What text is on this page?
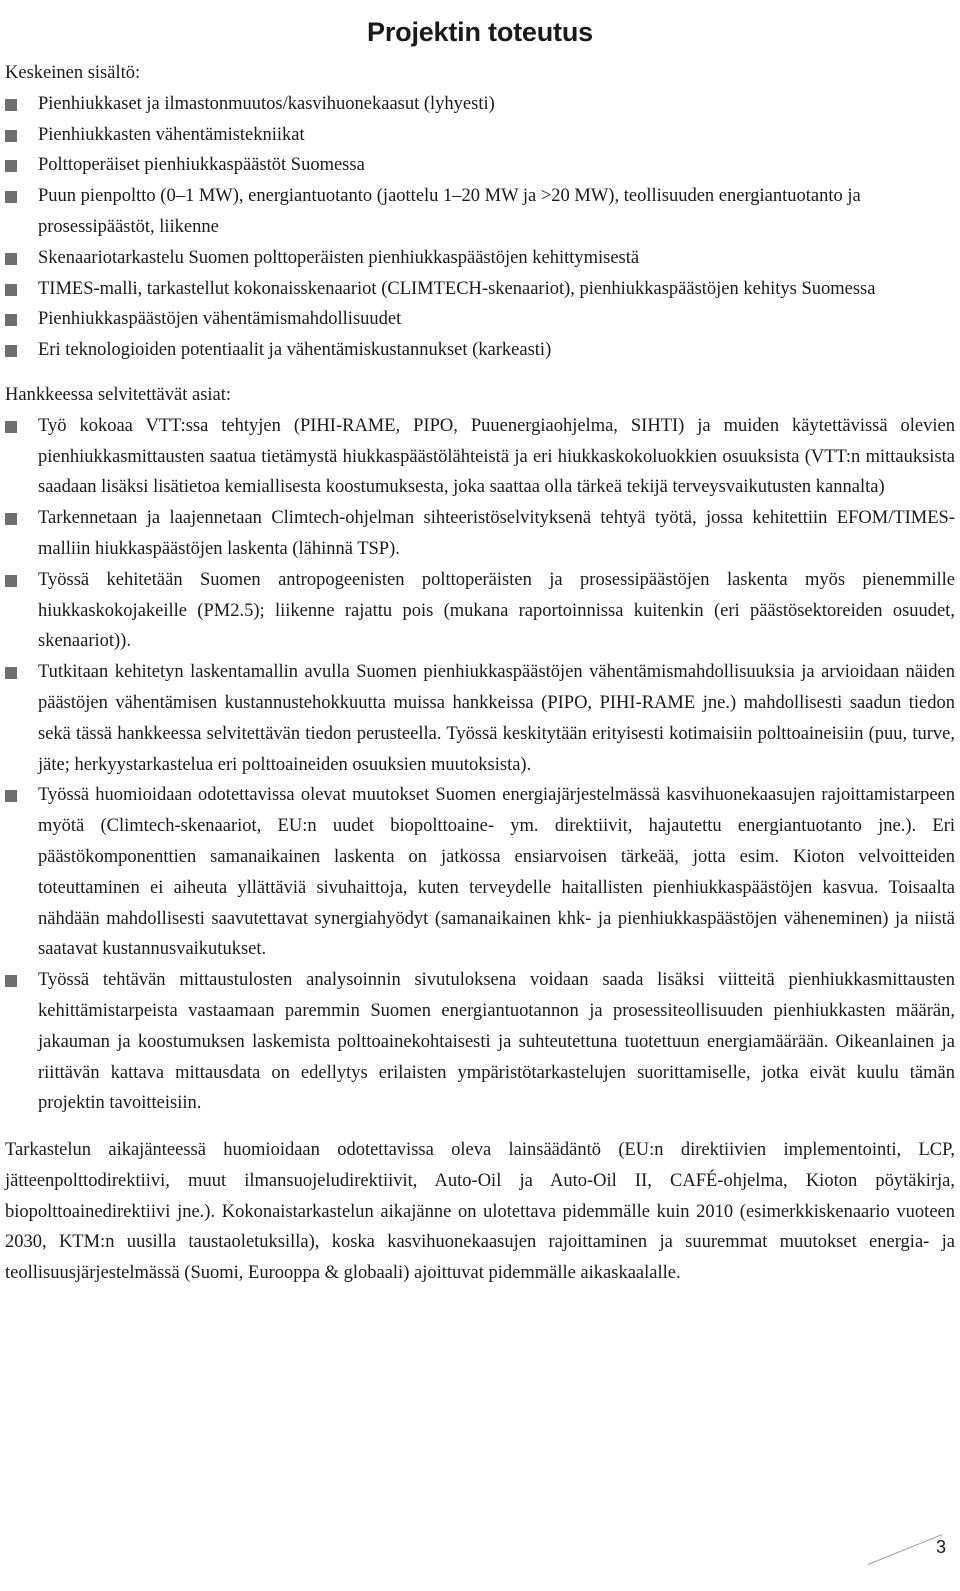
Projektin toteutus

Keskeinen sisältö:

Pienhiukkaset ja ilmastonmuutos/kasvihuonekaasut (lyhyesti)
Pienhiukkasten vähentämistekniikat
Polttoperäiset pienhiukkaspäästöt Suomessa
Puun pienpoltto (0–1 MW), energiantuotanto (jaottelu 1–20 MW ja >20 MW), teollisuuden energiantuotanto ja prosessipäästöt, liikenne
Skenaariotarkastelu Suomen polttoperäisten pienhiukkaspäästöjen kehittymisestä
TIMES-malli, tarkastellut kokonaisskenaariot (CLIMTECH-skenaariot), pienhiukkaspäästöjen kehitys Suomessa
Pienhiukkaspäästöjen vähentämismahdollisuudet
Eri teknologioiden potentiaalit ja vähentämiskustannukset (karkeasti)

Hankkeessa selvitettävät asiat:

Työ kokoaa VTT:ssa tehtyjen (PIHI-RAME, PIPO, Puuenergiaohjelma, SIHTI) ja muiden käytettävissä olevien pienhiukkasmittausten saatua tietämystä hiukkaspäästölähteistä ja eri hiukkaskokoluokkien osuuksista (VTT:n mittauksista saadaan lisäksi lisätietoa kemiallisesta koostumuksesta, joka saattaa olla tärkeä tekijä terveysvaikutusten kannalta)
Tarkennetaan ja laajennetaan Climtech-ohjelman sihteeristöselvityksenä tehtyä työtä, jossa kehitettiin EFOM/TIMES-malliin hiukkaspäästöjen laskenta (lähinnä TSP).
Työssä kehitetään Suomen antropogeenisten polttoperäisten ja prosessipäästöjen laskenta myös pienemmille hiukkaskokojakeille (PM2.5); liikenne rajattu pois (mukana raportoinnissa kuitenkin (eri päästösektoreiden osuudet, skenaariot)).
Tutkitaan kehitetyn laskentamallin avulla Suomen pienhiukkaspäästöjen vähentämismahdollisuuksia ja arvioidaan näiden päästöjen vähentämisen kustannustehokkuutta muissa hankkeissa (PIPO, PIHI-RAME jne.) mahdollisesti saadun tiedon sekä tässä hankkeessa selvitettävän tiedon perusteella. Työssä keskitytään erityisesti kotimaisiin polttoaineisiin (puu, turve, jäte; herkyystarkastelua eri polttoaineiden osuuksien muutoksista).
Työssä huomioidaan odotettavissa olevat muutokset Suomen energiajärjestelmässä kasvihuonekaasujen rajoittamistarpeen myötä (Climtech-skenaariot, EU:n uudet biopolttoaine- ym. direktiivit, hajautettu energiantuotanto jne.). Eri päästökomponenttien samanaikainen laskenta on jatkossa ensiarvoisen tärkeää, jotta esim. Kioton velvoitteiden toteuttaminen ei aiheuta yllättäviä sivuhaittoja, kuten terveydelle haitallisten pienhiukkaspäästöjen kasvua. Toisaalta nähdään mahdollisesti saavutettavat synergiahyödyt (samanaikainen khk- ja pienhiukkaspäästöjen vähenеminen) ja niistä saatavat kustannusvaikutukset.
Työssä tehtävän mittaustulosten analysoinnin sivutuloksena voidaan saada lisäksi viitteitä pienhiukkasmittausten kehittämistarpeista vastaamaan paremmin Suomen energiantuotannon ja prosessiteollisuuden pienhiukkasten määrän, jakauman ja koostumuksen laskemista polttoainekohtaisesti ja suhteutettuna tuotettuun energiamäärään. Oikeanlainen ja riittävän kattava mittausdata on edellytys erilaisten ympäristötarkastelujen suorittamiselle, jotka eivät kuulu tämän projektin tavoitteisiin.

Tarkastelun aikajänteessä huomioidaan odotettavissa oleva lainsäädäntö (EU:n direktiivien implementointi, LCP, jätteenpolttodirektiivi, muut ilmansuojeludirektiivit, Auto-Oil ja Auto-Oil II, CAFÉ-ohjelma, Kioton pöytäkirja, biopolttoainedirektiivi jne.). Kokonaistarkastelun aikajänne on ulotettava pidemmälle kuin 2010 (esimerkkiskenaario vuoteen 2030, KTM:n uusilla taustaoletuksilla), koska kasvihuonekaasujen rajoittaminen ja suuremmat muutokset energia- ja teollisuusjärjestelmässä (Suomi, Eurooppa & globaali) ajoittuvat pidemmälle aikaskaalalle.

3
